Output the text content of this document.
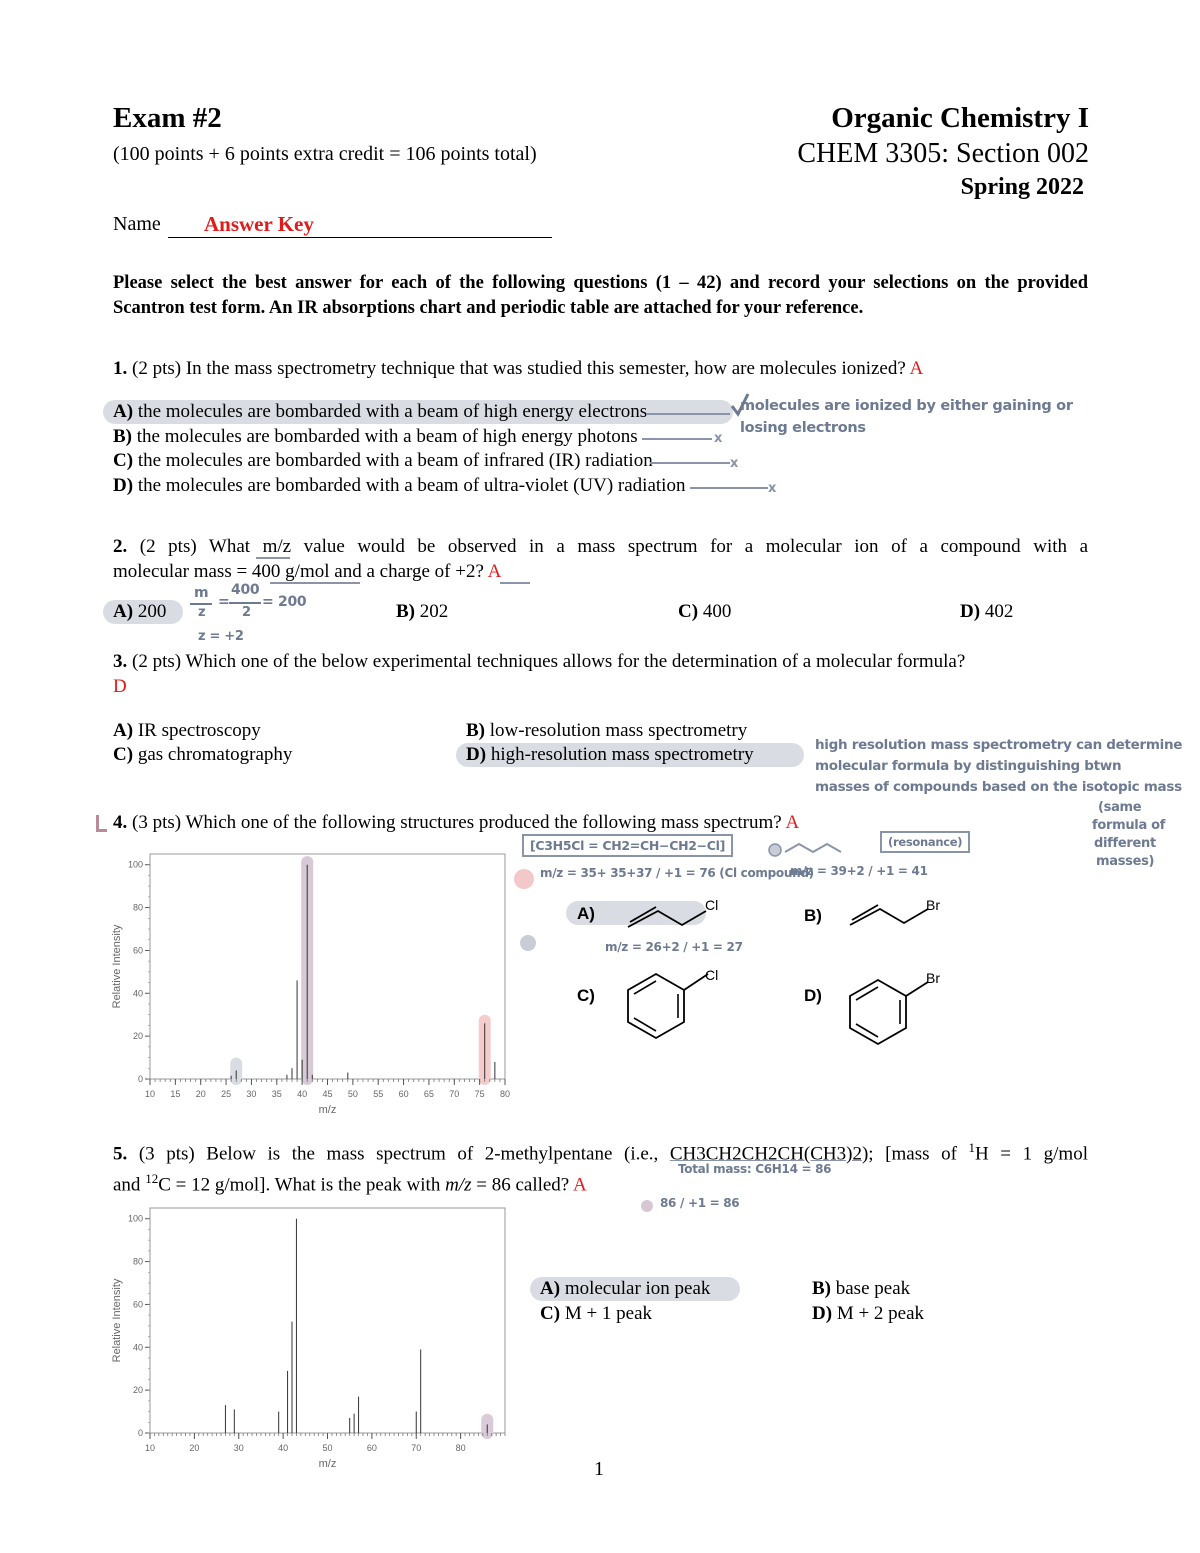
Exam #2
(100 points + 6 points extra credit = 106 points total)
Organic Chemistry I
CHEM 3305: Section 002
Spring 2022
Name Answer Key
Please select the best answer for each of the following questions (1 – 42) and record your selections on the provided Scantron test form. An IR absorptions chart and periodic table are attached for your reference.
1. (2 pts) In the mass spectrometry technique that was studied this semester, how are molecules ionized? A
A) the molecules are bombarded with a beam of high energy electrons
B) the molecules are bombarded with a beam of high energy photons
C) the molecules are bombarded with a beam of infrared (IR) radiation
D) the molecules are bombarded with a beam of ultra-violet (UV) radiation
x
x
x
molecules are ionized by either gaining or
losing electrons
2. (2 pts) What m/z value would be observed in a mass spectrum for a molecular ion of a compound with a
molecular mass = 400 g/mol and a charge of +2? A
A) 200	B) 202	C) 400	D) 402
m
z
=
400
2
= 200
z = +2
3. (2 pts) Which one of the below experimental techniques allows for the determination of a molecular formula?
D
A) IR spectroscopy	B) low-resolution mass spectrometry
C) gas chromatography	D) high-resolution mass spectrometry	high resolution mass spectrometry can determine
molecular formula by distinguishing btwn
masses of compounds based on the isotopic mass
(same
formula of
different
masses)
4. (3 pts) Which one of the following structures produced the following mass spectrum? A
10 15 20 25 30 35 40 45 50 55 60 65 70 75 80
0
20
40
60
80
100
m/z
Relative Intensity
[C3H5Cl = CH2=CH−CH2−Cl]	(resonance)
m/z = 35+ 35+37 / +1 = 76 (Cl compound)
m/z = 26+2 / +1 = 27
m/z = 39+2 / +1 = 41
A)	Cl
B)
Br
C)
Cl
D)
Br
5. (3 pts) Below is the mass spectrum of 2-methylpentane (i.e., CH3CH2CH2CH(CH3)2); [mass of $^1$H = 1 g/mol
and $^{12}$C = 12 g/mol]. What is the peak with m/z = 86 called? A
Total mass: C6H14 = 86
86 / +1 = 86
10	20	30	40	50	60	70	80
0
20
40
60
80
100
m/z
Relative Intensity	A) molecular ion peak	B) base peak
C) M + 1 peak	D) M + 2 peak
1
